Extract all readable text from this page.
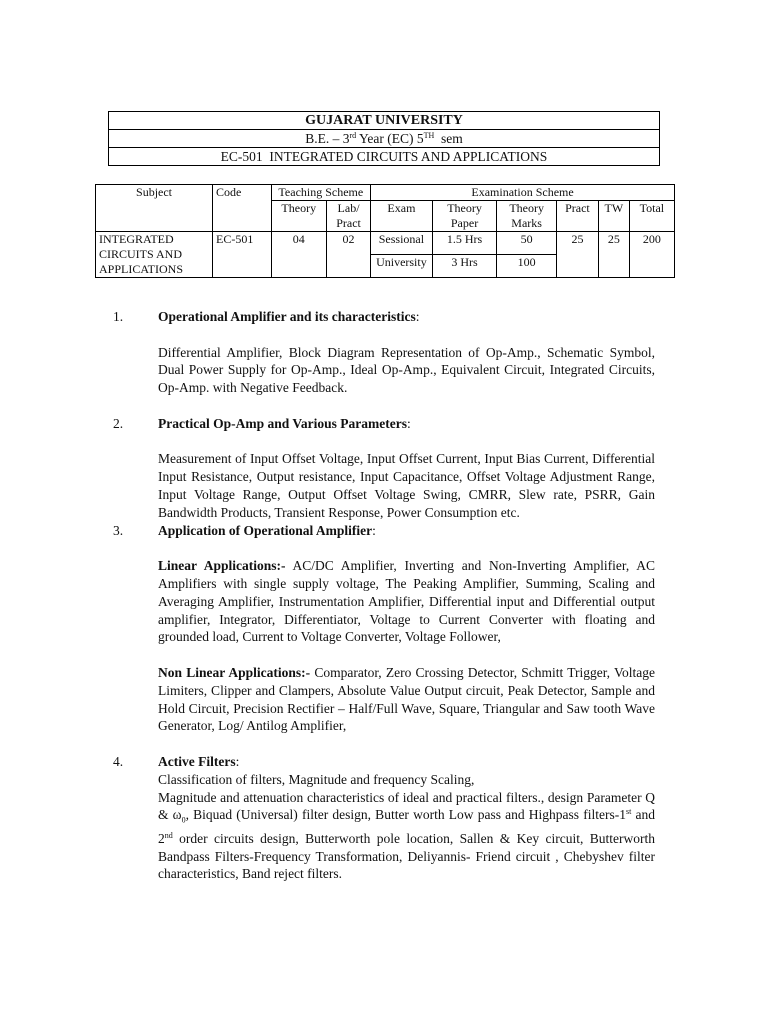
GUJARAT UNIVERSITY
B.E. – 3rd Year (EC) 5TH  sem
EC-501  INTEGRATED CIRCUITS AND APPLICATIONS
Subject	Code	Teaching Scheme		Examination Scheme					
		Theory	Lab/ Pract	Exam	Theory Paper	Theory Marks	Pract	TW	Total
INTEGRATED CIRCUITS AND APPLICATIONS	EC-501	04	02	Sessional	1.5 Hrs	50	25	25	200
				University	3 Hrs	100			
1.	Operational Amplifier and its characteristics:
Differential Amplifier, Block Diagram Representation of Op-Amp., Schematic Symbol, Dual Power Supply for Op-Amp., Ideal Op-Amp., Equivalent Circuit, Integrated Circuits, Op-Amp. with Negative Feedback.
2.	Practical Op-Amp and Various Parameters:
Measurement of Input Offset Voltage, Input Offset Current, Input Bias Current, Differential Input Resistance, Output resistance, Input Capacitance, Offset Voltage Adjustment Range, Input Voltage Range, Output Offset Voltage Swing, CMRR, Slew rate, PSRR, Gain Bandwidth Products, Transient Response, Power Consumption etc.
3.	Application of Operational Amplifier:
Linear Applications:- AC/DC Amplifier, Inverting and Non-Inverting Amplifier, AC Amplifiers with single supply voltage, The Peaking Amplifier, Summing, Scaling and Averaging Amplifier, Instrumentation Amplifier, Differential input and Differential output amplifier, Integrator, Differentiator, Voltage to Current Converter with floating and grounded load, Current to Voltage Converter, Voltage Follower,
Non Linear Applications:- Comparator, Zero Crossing Detector, Schmitt Trigger, Voltage Limiters, Clipper and Clampers, Absolute Value Output circuit, Peak Detector, Sample and Hold Circuit, Precision Rectifier – Half/Full Wave, Square, Triangular and Saw tooth Wave Generator, Log/ Antilog Amplifier,
4.	Active Filters:
Classification of filters, Magnitude and frequency Scaling,
Magnitude and attenuation characteristics of ideal and practical filters., design Parameter Q & $\omega_0$, Biquad (Universal) filter design, Butter worth Low pass and Highpass filters-1st and 2nd order circuits design, Butterworth pole location, Sallen & Key circuit, Butterworth Bandpass Filters-Frequency Transformation, Deliyannis- Friend circuit , Chebyshev filter characteristics, Band reject filters.
